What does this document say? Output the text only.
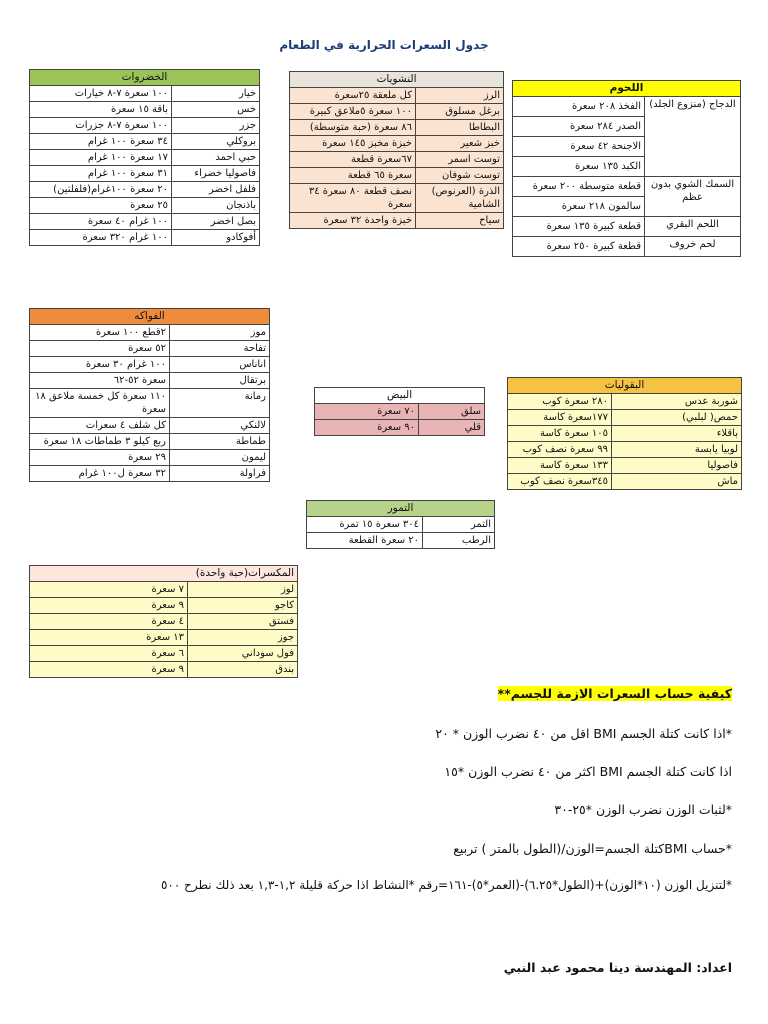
جدول السعرات الحرارية في الطعام
الخضروات	
خيار	١٠٠ سعرة ٧-٨ خيارات
خس	باقة ١٥ سعرة
جزر	١٠٠ سعرة ٧-٨ جزرات
بروكلي	٣٤ سعرة ١٠٠ غرام
حبي احمد	١٧ سعرة ١٠٠ غرام
فاصوليا خضراء	٣١ سعرة ١٠٠ غرام
فلفل اخضر	٢٠ سعرة ١٠٠غرام(فلفلتين)
باذنجان	٢٥ سعرة
بصل اخضر	١٠٠ غرام ٤٠ سعرة
أفوكادو	١٠٠ غرام ٣٢٠ سعرة
النشويات	
الرز	كل ملعقة ٢٥سعرة
برغل مسلوق	١٠٠ سعرة ٥ملاعق كبيرة
البطاطا	٨٦ سعرة (حبة متوسطة)
خبز شعير	خبزة مخبز ١٤٥ سعرة
توست اسمر	٦٧سعرة قطعة
توست شوفان	سعرة ٦٥ قطعة
الذرة (العرنوص) الشامية	نصف قطعة ٨٠ سعرة ٣٤ سعرة
سياح	خبزة واحدة ٣٢ سعرة
اللحوم	
الدجاج (منزوع الجلد)	الفخذ ٢٠٨ سعرة
	الصدر ٢٨٤ سعرة
	الاجنحة ٤٢ سعرة
	الكبد ١٣٥ سعرة
السمك الشوي بدون عظم	قطعة متوسطة ٢٠٠ سعرة
	سالمون ٢١٨ سعرة
اللحم البقري	قطعة كبيرة ١٣٥ سعرة
لحم خروف	قطعة كبيرة ٢٥٠ سعرة
الفواكه	
موز	٢قطع ١٠٠ سعرة
تفاحة	٥٢ سعرة
اناناس	١٠٠ غرام ٣٠ سعرة
برتقال	سعرة ٥٢-٦٢
رمانة	١١٠ سعرة كل خمسة ملاعق ١٨ سعرة
لالنكي	كل شلف ٤ سعرات
طماطة	ربع كيلو ٣ طماطات ١٨ سعرة
ليمون	٢٩ سعرة
فراولة	٣٢ سعرة ل١٠٠ غرام
البيض	
سلق	٧٠ سعرة
قلي	٩٠ سعرة
التمور	
التمر	٣٠٤ سعرة ١٥ تمرة
الرطب	٢٠ سعرة القطعة
البقوليات	
شوربة عدس	٢٨٠ سعرة كوب
حمص( لبلبي)	١٧٧سعرة كاسة
باقلاء	١٠٥ سعرة كاسة
لوبيا يابسة	٩٩ سعرة نصف كوب
فاصوليا	١٣٣ سعرة كاسة
ماش	٣٤٥سعرة نصف كوب
المكسرات(حبة واحدة)	
لوز	٧ سعرة
كاجو	٩ سعرة
فستق	٤ سعرة
جوز	١٣ سعرة
فول سوداني	٦ سعرة
بندق	٩ سعرة
كيفية حساب السعرات الازمة للجسم**
*اذا كانت كتلة الجسم BMI اقل من ٤٠ نضرب الوزن * ٢٠
اذا كانت كتلة الجسم BMI اكثر من ٤٠ نضرب الوزن *١٥
*لثبات الوزن نضرب الوزن *٢٥-٣٠
*حساب BMIكتلة الجسم=الوزن/(الطول بالمتر ) تربيع
*لتنزيل الوزن (١٠*الوزن)+(الطول*٦.٢٥)-(العمر*٥)-١٦١=رقم *النشاط اذا حركة قليلة ١,٢-١,٣ بعد ذلك نطرح ٥٠٠
اعداد: المهندسة دينا محمود عبد النبي
